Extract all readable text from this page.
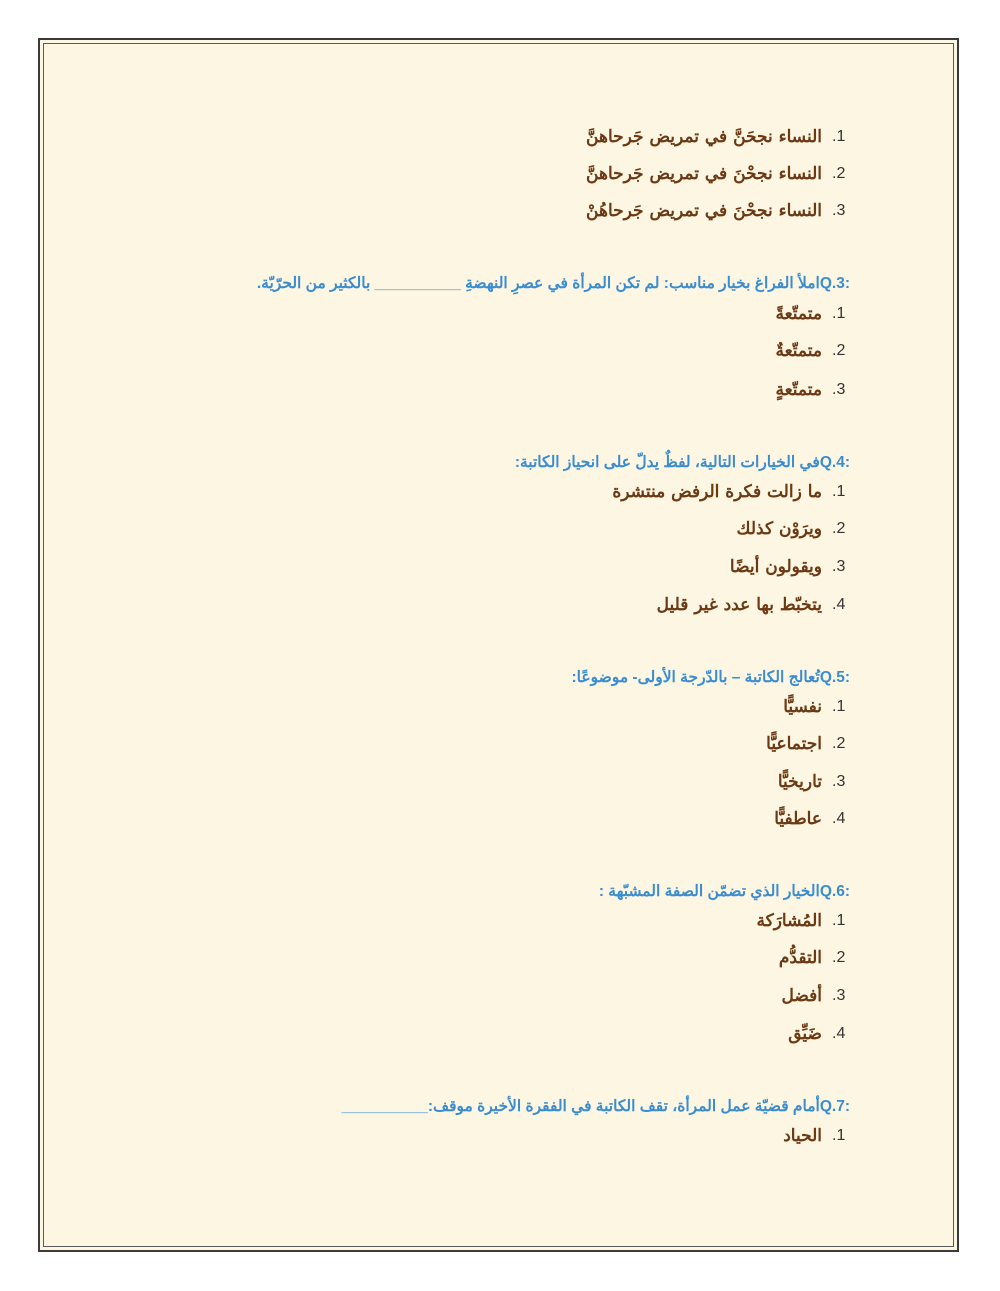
.1
النساء نجحَنَّ في تمريض جَرحاهنَّ
.2
النساء نجحْنَ في تمريض جَرحاهنَّ
.3
النساء نجحْنَ في تمريض جَرحاهُنْ
:Q.3املأ الفراغ بخيار مناسب: لم تكن المرأة في عصرِ النهضةِ __________ بالكثير من الحرّيّة.
.1
متمتّعةً
.2
متمتّعةٌ
.3
متمتّعةٍ
:Q.4في الخيارات التالية، لفظٌ يدلّ على انحياز الكاتبة:
.1
ما زالت فكرة الرفض منتشرة
.2
ويرَوْن كذلك
.3
ويقولون أيضًا
.4
يتخبّط بها عدد غير قليل
:Q.5تُعالج الكاتبة – بالدّرجة الأولى- موضوعًا:
.1
نفسيًّا
.2
اجتماعيًّا
.3
تاريخيًّا
.4
عاطفيًّا
:Q.6الخيار الذي تضمّن الصفة المشبّهة :
.1
المُشارَكة
.2
التقدُّم
.3
أفضل
.4
ضَيِّق
:Q.7أمام قضيّة عمل المرأة، تقف الكاتبة في الفقرة الأخيرة موقف:__________
.1
الحياد
